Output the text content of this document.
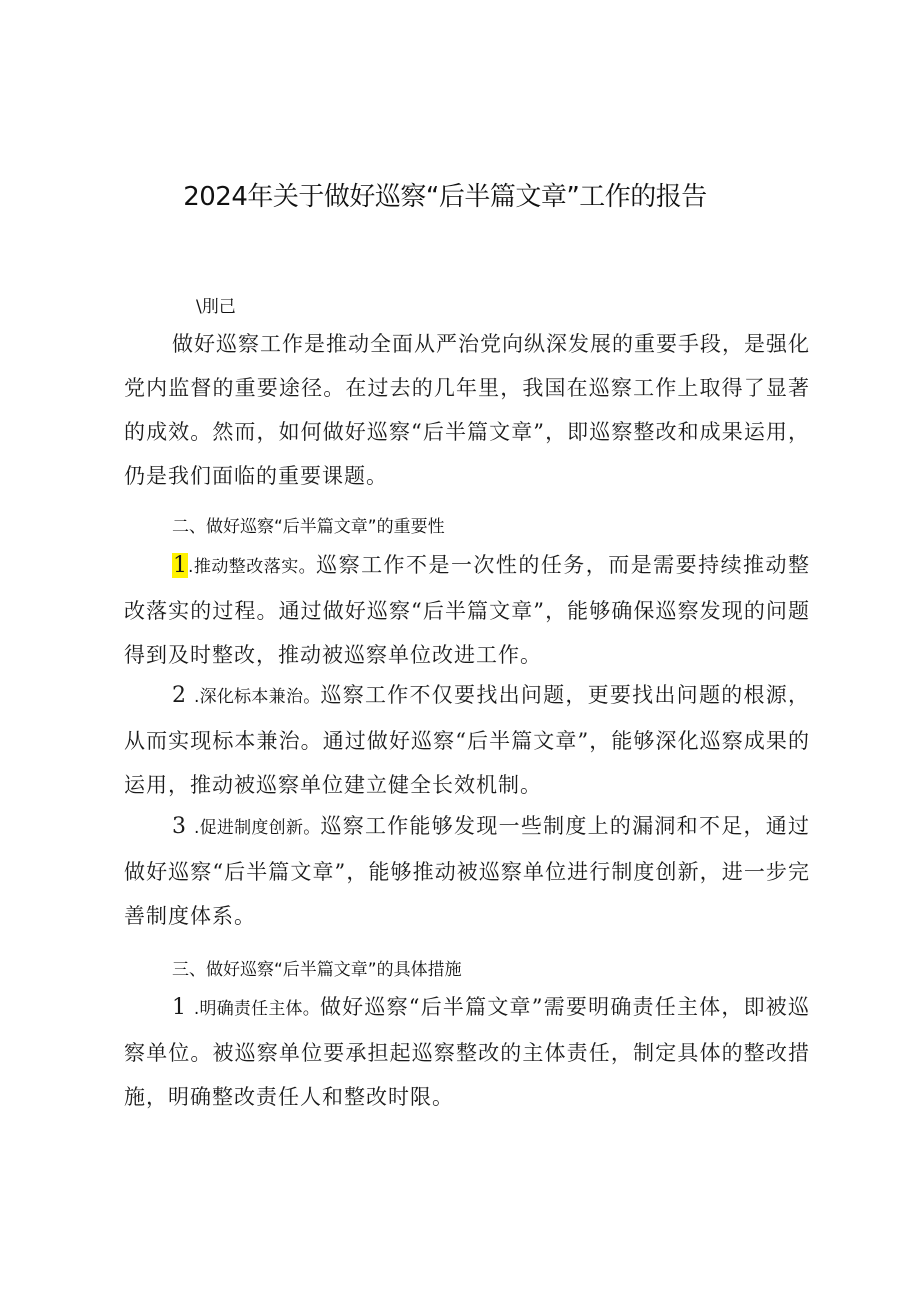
2024年关于做好巡察“后半篇文章”工作的报告
\刖己

做好巡察工作是推动全面从严治党向纵深发展的重要手段，是强化党内监督的重要途径。在过去的几年里，我国在巡察工作上取得了显著的成效。然而，如何做好巡察“后半篇文章”，即巡察整改和成果运用，仍是我们面临的重要课题。

二、做好巡察“后半篇文章”的重要性

1.推动整改落实。巡察工作不是一次性的任务，而是需要持续推动整改落实的过程。通过做好巡察“后半篇文章”，能够确保巡察发现的问题得到及时整改，推动被巡察单位改进工作。

2 .深化标本兼治。巡察工作不仅要找出问题，更要找出问题的根源，从而实现标本兼治。通过做好巡察“后半篇文章”，能够深化巡察成果的运用，推动被巡察单位建立健全长效机制。

3 .促进制度创新。巡察工作能够发现一些制度上的漏洞和不足，通过做好巡察“后半篇文章”，能够推动被巡察单位进行制度创新，进一步完善制度体系。

三、做好巡察“后半篇文章”的具体措施

1 .明确责任主体。做好巡察“后半篇文章”需要明确责任主体，即被巡察单位。被巡察单位要承担起巡察整改的主体责任，制定具体的整改措施，明确整改责任人和整改时限。
